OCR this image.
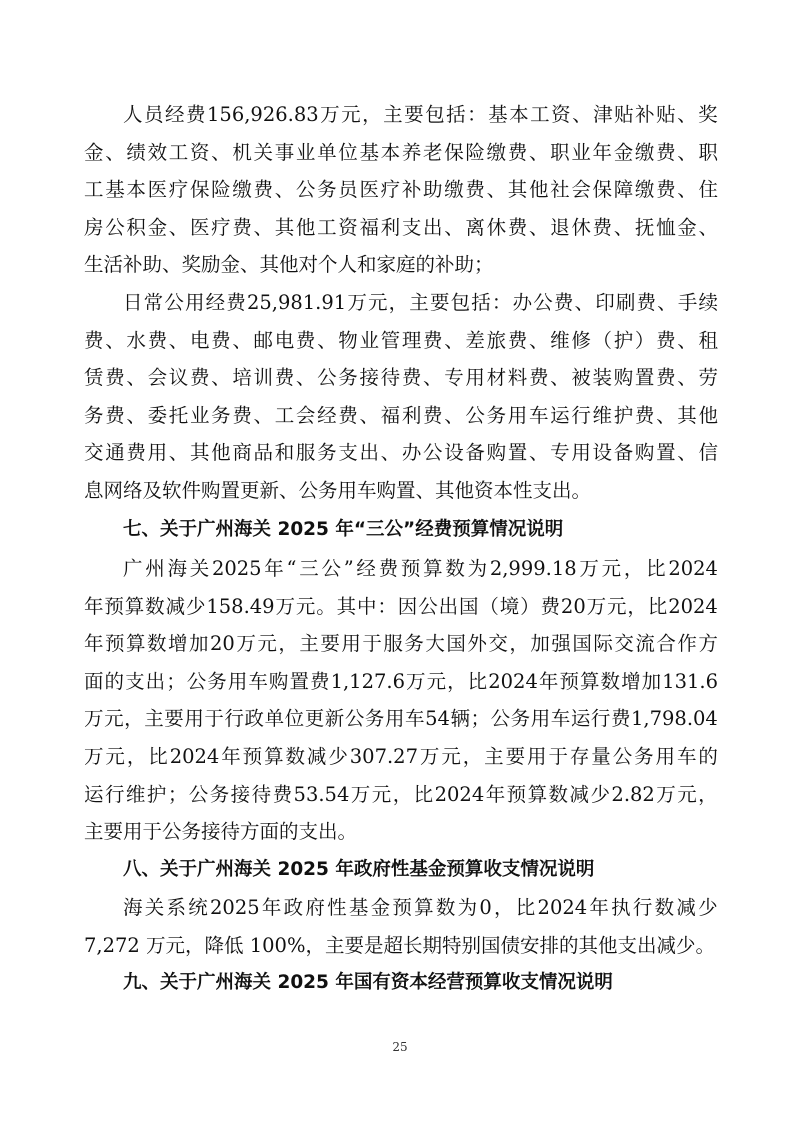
人 员 经 费 156,926.83 万 元 ， 主 要 包 括 ： 基 本 工 资 、 津 贴 补 贴 、 奖
金 、 绩 效 工 资 、 机 关 事 业 单 位 基 本 养 老 保 险 缴 费 、 职 业 年 金 缴 费 、 职
工 基 本 医 疗 保 险 缴 费 、 公 务 员 医 疗 补 助 缴 费 、 其 他 社 会 保 障 缴 费 、 住
房 公 积 金 、 医 疗 费 、 其 他 工 资 福 利 支 出 、 离 休 费 、 退 休 费 、 抚 恤 金 、
生活补助、奖励金、其他对个人和家庭的补助；
日 常 公 用 经 费 25,981.91 万 元 ， 主 要 包 括 ： 办 公 费 、 印 刷 费 、 手 续
费 、 水 费 、 电 费 、 邮 电 费 、 物 业 管 理 费 、 差 旅 费 、 维 修 （ 护 ） 费 、 租
赁 费 、 会 议 费 、 培 训 费 、 公 务 接 待 费 、 专 用 材 料 费 、 被 装 购 置 费 、 劳
务 费 、 委 托 业 务 费 、 工 会 经 费 、 福 利 费 、 公 务 用 车 运 行 维 护 费 、 其 他
交 通 费 用 、 其 他 商 品 和 服 务 支 出 、 办 公 设 备 购 置 、 专 用 设 备 购 置 、 信
息网络及软件购置更新、公务用车购置、其他资本性支出。
七、关于广州海关 2025 年“三公”经费预算情况说明
广 州 海 关 2025 年 “ 三 公 ” 经 费 预 算 数 为 2,999.18 万 元 ， 比 2024
年 预 算 数 减 少 158.49 万 元 。 其 中 ： 因 公 出 国 （ 境 ） 费 20 万 元 ， 比 2024
年 预 算 数 增 加 20 万 元 ， 主 要 用 于 服 务 大 国 外 交 ， 加 强 国 际 交 流 合 作 方
面 的 支 出 ； 公 务 用 车 购 置 费 1,127.6 万 元 ， 比 2024 年 预 算 数 增 加 131.6
万 元 ， 主 要 用 于 行 政 单 位 更 新 公 务 用 车 54 辆 ； 公 务 用 车 运 行 费 1,798.04
万 元 ， 比 2024 年 预 算 数 减 少 307.27 万 元 ， 主 要 用 于 存 量 公 务 用 车 的
运 行 维 护 ； 公 务 接 待 费 53.54 万 元 ， 比 2024 年 预 算 数 减 少 2.82 万 元 ，
主要用于公务接待方面的支出。
八、关于广州海关 2025 年政府性基金预算收支情况说明
海 关 系 统 2025 年 政 府 性 基 金 预 算 数 为 0 ， 比 2024 年 执 行 数 减 少
7,272 万元，降低 100%，主要是超长期特别国债安排的其他支出减少。
九、关于广州海关 2025 年国有资本经营预算收支情况说明
25
